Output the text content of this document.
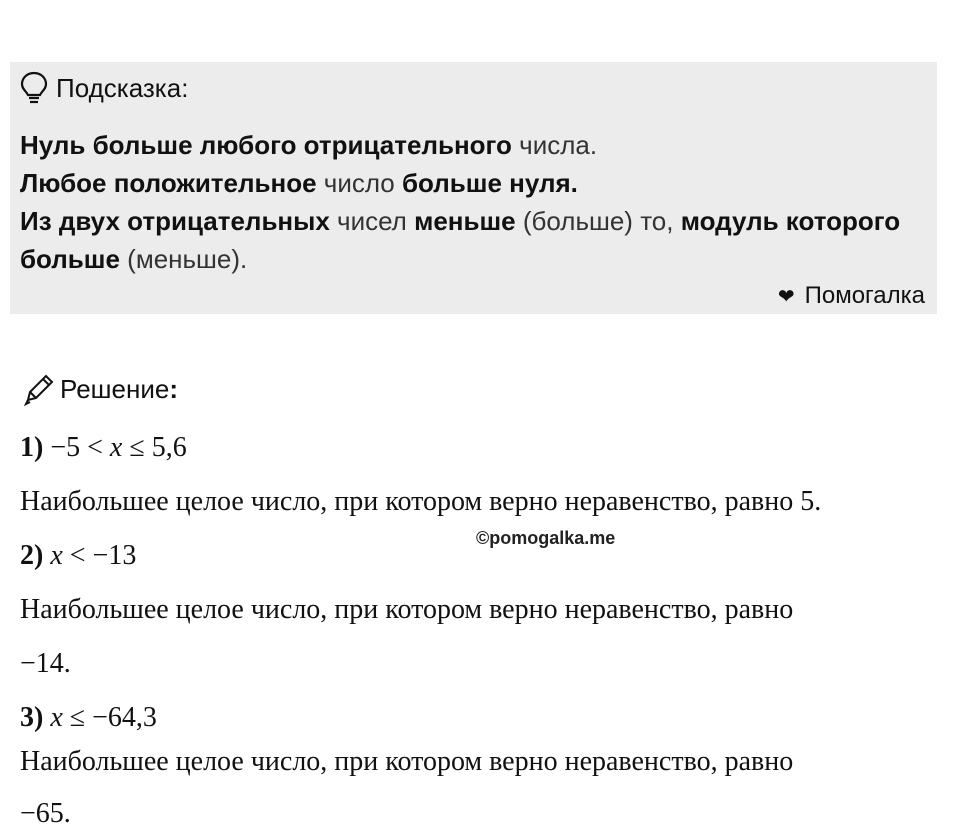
Подсказка:
Нуль больше любого отрицательного числа.
Любое положительное число больше нуля.
Из двух отрицательных чисел меньше (больше) то, модуль которого
больше (меньше).
❤ Помогалка
Решение :
1) −5 < x ≤ 5,6
Наибольшее целое число, при котором верно неравенство, равно 5.
2) x < −13
Наибольшее целое число, при котором верно неравенство, равно
−14.
3) x ≤ −64,3
Наибольшее целое число, при котором верно неравенство, равно
−65.
©pomogalka.me
